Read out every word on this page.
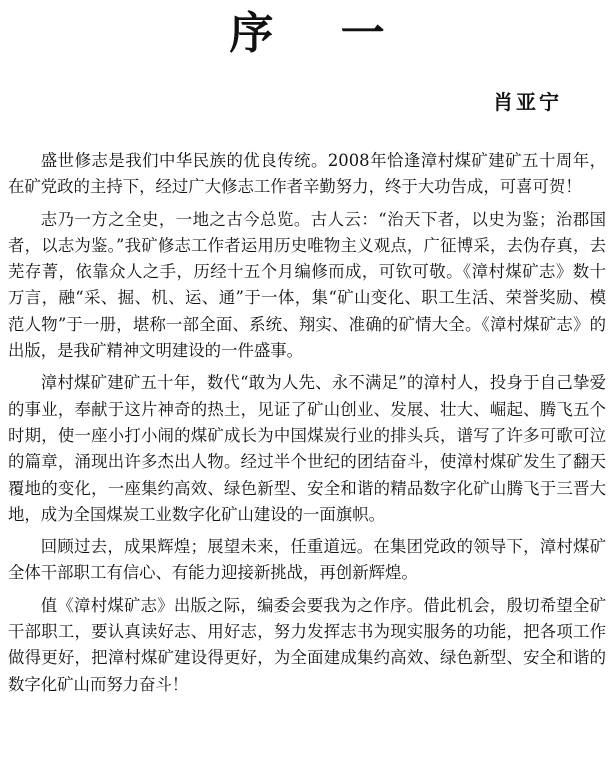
序 一
肖亚宁

盛世修志是我们中华民族的优良传统。2008年恰逢漳村煤矿建矿五十周年，在矿党政的主持下，经过广大修志工作者辛勤努力，终于大功告成，可喜可贺！

志乃一方之全史，一地之古今总览。古人云：“治天下者，以史为鉴；治郡国者，以志为鉴。”我矿修志工作者运用历史唯物主义观点，广征博采，去伪存真，去芜存菁，依靠众人之手，历经十五个月编修而成，可钦可敬。《漳村煤矿志》数十万言，融“采、掘、机、运、通”于一体，集“矿山变化、职工生活、荣誉奖励、模范人物”于一册，堪称一部全面、系统、翔实、准确的矿情大全。《漳村煤矿志》的出版，是我矿精神文明建设的一件盛事。

漳村煤矿建矿五十年，数代“敢为人先、永不满足”的漳村人，投身于自己挚爱的事业，奉献于这片神奇的热土，见证了矿山创业、发展、壮大、崛起、腾飞五个时期，使一座小打小闹的煤矿成长为中国煤炭行业的排头兵，谱写了许多可歌可泣的篇章，涌现出许多杰出人物。经过半个世纪的团结奋斗，使漳村煤矿发生了翻天覆地的变化，一座集约高效、绿色新型、安全和谐的精品数字化矿山腾飞于三晋大地，成为全国煤炭工业数字化矿山建设的一面旗帜。

回顾过去，成果辉煌；展望未来，任重道远。在集团党政的领导下，漳村煤矿全体干部职工有信心、有能力迎接新挑战，再创新辉煌。

值《漳村煤矿志》出版之际，编委会要我为之作序。借此机会，殷切希望全矿干部职工，要认真读好志、用好志，努力发挥志书为现实服务的功能，把各项工作做得更好，把漳村煤矿建设得更好，为全面建成集约高效、绿色新型、安全和谐的数字化矿山而努力奋斗！
